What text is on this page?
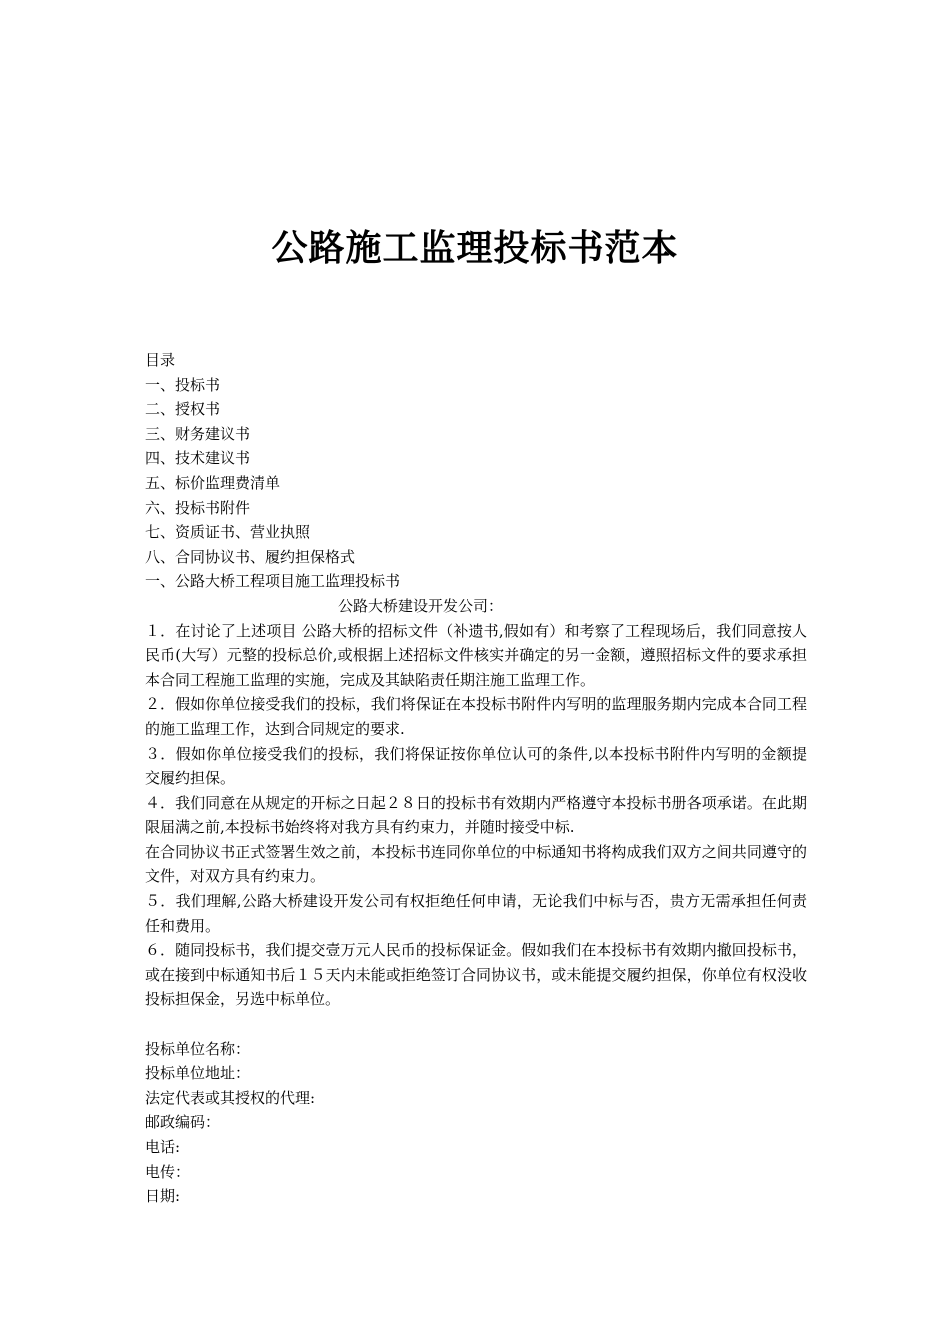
公路施工监理投标书范本
目录
一、投标书
二、授权书
三、财务建议书
四、技术建议书
五、标价监理费清单
六、投标书附件
七、资质证书、营业执照
八、合同协议书、履约担保格式
一、公路大桥工程项目施工监理投标书
公路大桥建设开发公司：
１．在讨论了上述项目 公路大桥的招标文件（补遗书,假如有）和考察了工程现场后，我们同意按人民币(大写）元整的投标总价,或根据上述招标文件核实并确定的另一金额，遵照招标文件的要求承担本合同工程施工监理的实施，完成及其缺陷责任期注施工监理工作。
２．假如你单位接受我们的投标，我们将保证在本投标书附件内写明的监理服务期内完成本合同工程的施工监理工作，达到合同规定的要求.
３．假如你单位接受我们的投标，我们将保证按你单位认可的条件,以本投标书附件内写明的金额提交履约担保。
４．我们同意在从规定的开标之日起２８日的投标书有效期内严格遵守本投标书册各项承诺。在此期限届满之前,本投标书始终将对我方具有约束力，并随时接受中标.
在合同协议书正式签署生效之前，本投标书连同你单位的中标通知书将构成我们双方之间共同遵守的文件，对双方具有约束力。
５．我们理解,公路大桥建设开发公司有权拒绝任何申请，无论我们中标与否，贵方无需承担任何责任和费用。
６．随同投标书，我们提交壹万元人民币的投标保证金。假如我们在本投标书有效期内撤回投标书，或在接到中标通知书后１５天内未能或拒绝签订合同协议书，或未能提交履约担保，你单位有权没收投标担保金，另选中标单位。
投标单位名称：
投标单位地址：
法定代表或其授权的代理:
邮政编码：
电话:
电传：
日期:
